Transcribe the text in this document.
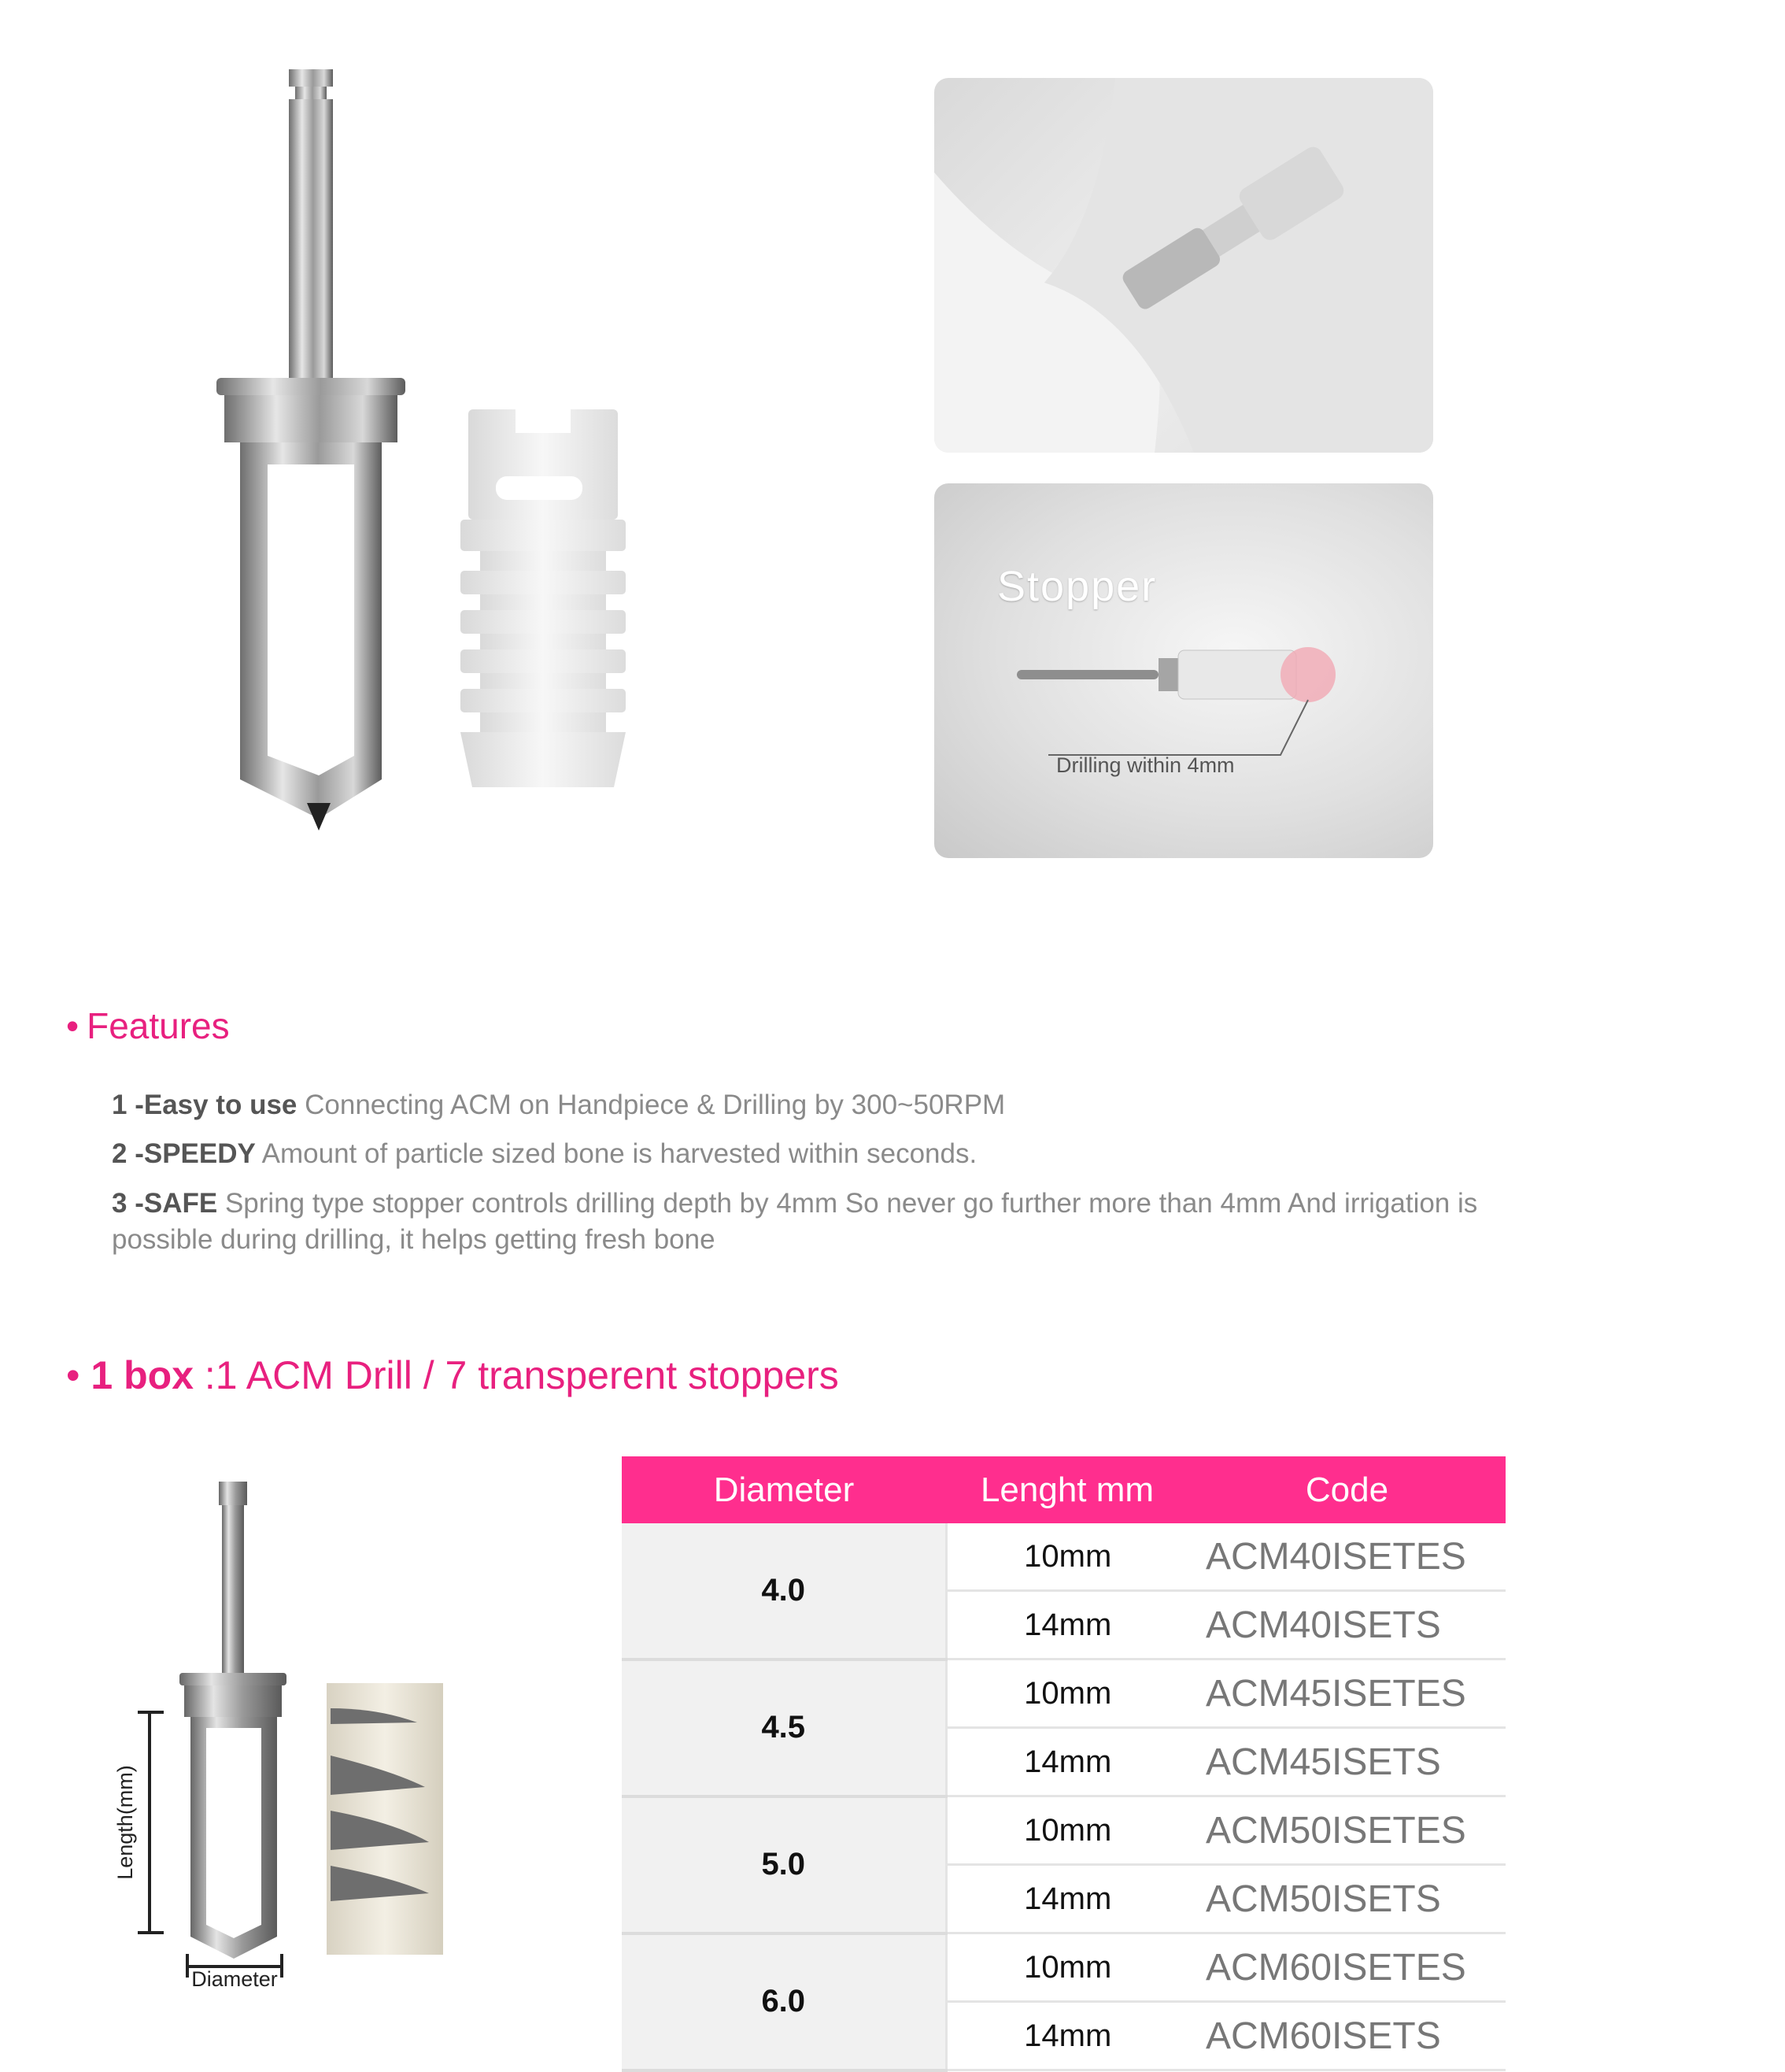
Stopper
Drilling within 4mm
• Features
1 -Easy to use Connecting ACM on Handpiece & Drilling by 300~50RPM
2 -SPEEDY Amount of particle sized bone is harvested within seconds.
3 -SAFE Spring type stopper controls drilling depth by 4mm So never go further more than 4mm And irrigation is possible during drilling, it helps getting fresh bone
• 1 box :1 ACM Drill / 7 transperent stoppers
Length(mm)
Diameter
Diameter	Lenght mm	Code
4.0	10mm	ACM40ISETES
	14mm	ACM40ISETS
4.5	10mm	ACM45ISETES
	14mm	ACM45ISETS
5.0	10mm	ACM50ISETES
	14mm	ACM50ISETS
6.0	10mm	ACM60ISETES
	14mm	ACM60ISETS
